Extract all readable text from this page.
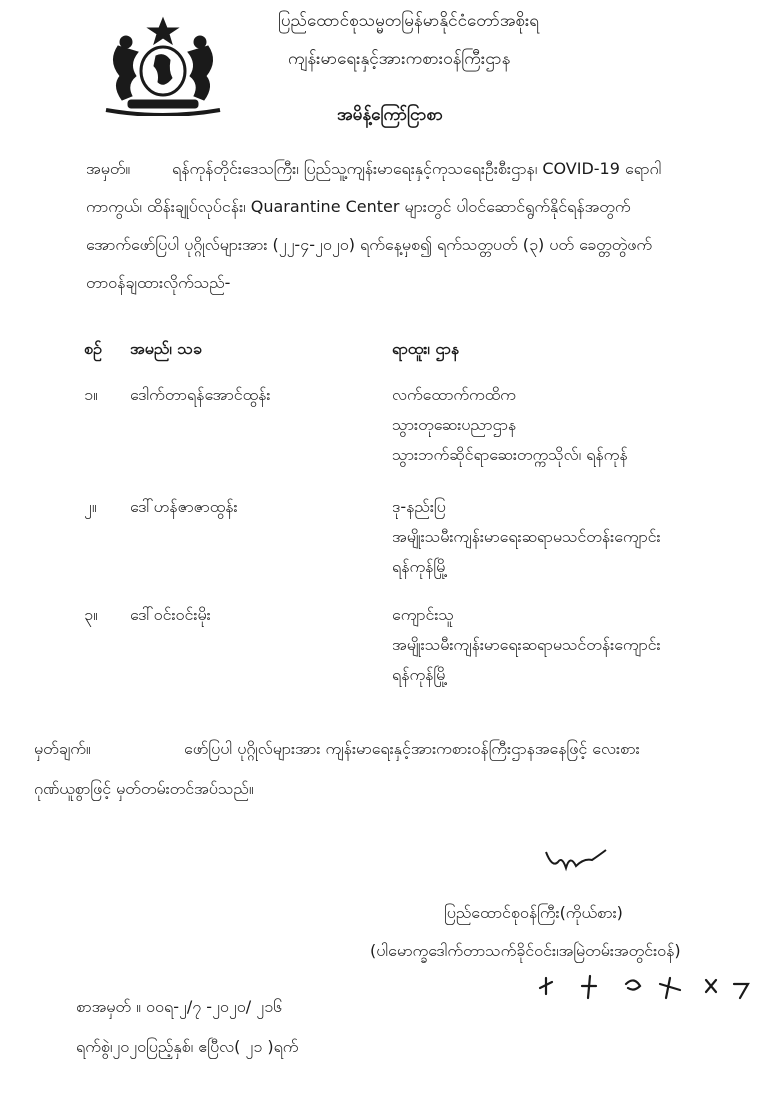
ပြည်ထောင်စုသမ္မတမြန်မာနိုင်ငံတော်အစိုးရ
ကျန်းမာရေးနှင့်အားကစားဝန်ကြီးဌာန
အမိန့်ကြော်ငြာစာ
အမှတ်။	ရန်ကုန်တိုင်းဒေသကြီး၊ ပြည်သူ့ကျန်းမာရေးနှင့်ကုသရေးဦးစီးဌာန၊ COVID-19 ရောဂါ
ကာကွယ်၊ ထိန်းချုပ်လုပ်ငန်း၊ Quarantine Center များတွင် ပါဝင်ဆောင်ရွက်နိုင်ရန်အတွက်
အောက်ဖော်ပြပါ ပုဂ္ဂိုလ်များအား (၂၂-၄-၂၀၂၀) ရက်နေ့မှစ၍ ရက်သတ္တပတ် (၃) ပတ် ခေတ္တတွဲဖက်
တာဝန်ချထားလိုက်သည်-
စဉ် အမည်၊ သခ	ရာထူး၊ ဌာန
၁။ ဒေါက်တာရန်အောင်ထွန်း	လက်ထောက်ကထိက
သွားတုဆေးပညာဌာန
သွားဘက်ဆိုင်ရာဆေးတက္ကသိုလ်၊ ရန်ကုန်
၂။ ဒေါ်ဟန်ဇာဇာထွန်း	ဒု-နည်းပြ
အမျိုးသမီးကျန်းမာရေးဆရာမသင်တန်းကျောင်း
ရန်ကုန်မြို့
၃။ ဒေါ်ဝင်းဝင်းမိုး	ကျောင်းသူ
အမျိုးသမီးကျန်းမာရေးဆရာမသင်တန်းကျောင်း
ရန်ကုန်မြို့
မှတ်ချက်။	ဖော်ပြပါ ပုဂ္ဂိုလ်များအား ကျန်းမာရေးနှင့်အားကစားဝန်ကြီးဌာနအနေဖြင့် လေးစား
ဂုဏ်ယူစွာဖြင့် မှတ်တမ်းတင်အပ်သည်။
ပြည်ထောင်စုဝန်ကြီး(ကိုယ်စား)
(ပါမောက္ခဒေါက်တာသက်ခိုင်ဝင်း၊အမြဲတမ်းအတွင်းဝန်)
စာအမှတ် ။ ၀၀ရ-၂/၇ -၂၀၂၀/ ၂၁၆
ရက်စွဲ၊၂၀၂၀ပြည့်နှစ်၊ ဧပြီလ( ၂၁ )ရက်
